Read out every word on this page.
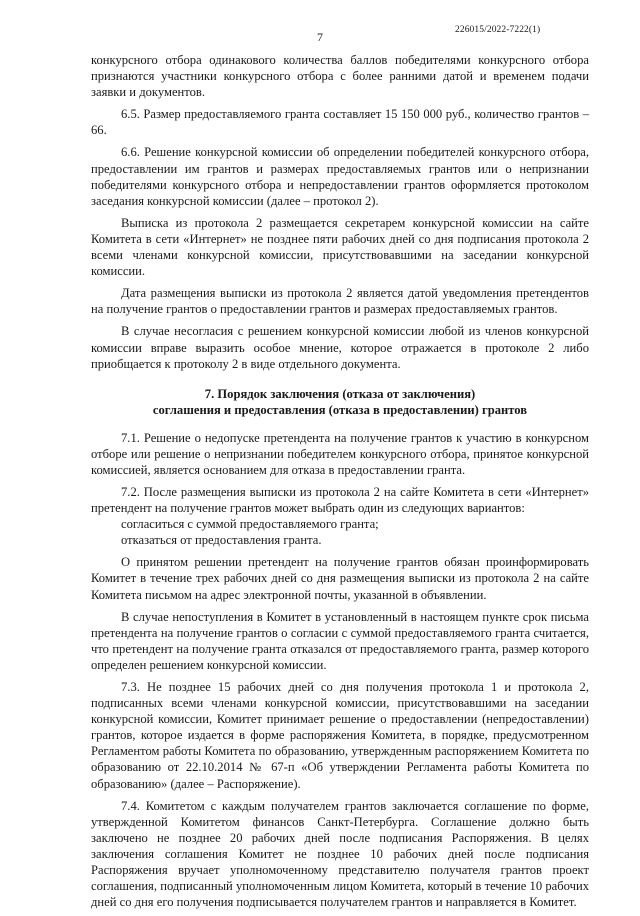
7	226015/2022-7222(1)

конкурсного отбора одинакового количества баллов победителями конкурсного отбора признаются участники конкурсного отбора с более ранними датой и временем подачи заявки и документов.

6.5. Размер предоставляемого гранта составляет 15 150 000 руб., количество грантов – 66.

6.6. Решение конкурсной комиссии об определении победителей конкурсного отбора, предоставлении им грантов и размерах предоставляемых грантов или о непризнании победителями конкурсного отбора и непредоставлении грантов оформляется протоколом заседания конкурсной комиссии (далее – протокол 2).

Выписка из протокола 2 размещается секретарем конкурсной комиссии на сайте Комитета в сети «Интернет» не позднее пяти рабочих дней со дня подписания протокола 2 всеми членами конкурсной комиссии, присутствовавшими на заседании конкурсной комиссии.

Дата размещения выписки из протокола 2 является датой уведомления претендентов на получение грантов о предоставлении грантов и размерах предоставляемых грантов.

В случае несогласия с решением конкурсной комиссии любой из членов конкурсной комиссии вправе выразить особое мнение, которое отражается в протоколе 2 либо приобщается к протоколу 2 в виде отдельного документа.

7. Порядок заключения (отказа от заключения)
соглашения и предоставления (отказа в предоставлении) грантов

7.1. Решение о недопуске претендента на получение грантов к участию в конкурсном отборе или решение о непризнании победителем конкурсного отбора, принятое конкурсной комиссией, является основанием для отказа в предоставлении гранта.

7.2. После размещения выписки из протокола 2 на сайте Комитета в сети «Интернет» претендент на получение грантов может выбрать один из следующих вариантов:

согласиться с суммой предоставляемого гранта;

отказаться от предоставления гранта.

О принятом решении претендент на получение грантов обязан проинформировать Комитет в течение трех рабочих дней со дня размещения выписки из протокола 2 на сайте Комитета письмом на адрес электронной почты, указанной в объявлении.

В случае непоступления в Комитет в установленный в настоящем пункте срок письма претендента на получение грантов о согласии с суммой предоставляемого гранта считается, что претендент на получение гранта отказался от предоставляемого гранта, размер которого определен решением конкурсной комиссии.

7.3. Не позднее 15 рабочих дней со дня получения протокола 1 и протокола 2, подписанных всеми членами конкурсной комиссии, присутствовавшими на заседании конкурсной комиссии, Комитет принимает решение о предоставлении (непредоставлении) грантов, которое издается в форме распоряжения Комитета, в порядке, предусмотренном Регламентом работы Комитета по образованию, утвержденным распоряжением Комитета по образованию от 22.10.2014 № 67-п «Об утверждении Регламента работы Комитета по образованию» (далее – Распоряжение).

7.4. Комитетом с каждым получателем грантов заключается соглашение по форме, утвержденной Комитетом финансов Санкт-Петербурга. Соглашение должно быть заключено не позднее 20 рабочих дней после подписания Распоряжения. В целях заключения соглашения Комитет не позднее 10 рабочих дней после подписания Распоряжения вручает уполномоченному представителю получателя грантов проект соглашения, подписанный уполномоченным лицом Комитета, который в течение 10 рабочих дней со дня его получения подписывается получателем грантов и направляется в Комитет.
